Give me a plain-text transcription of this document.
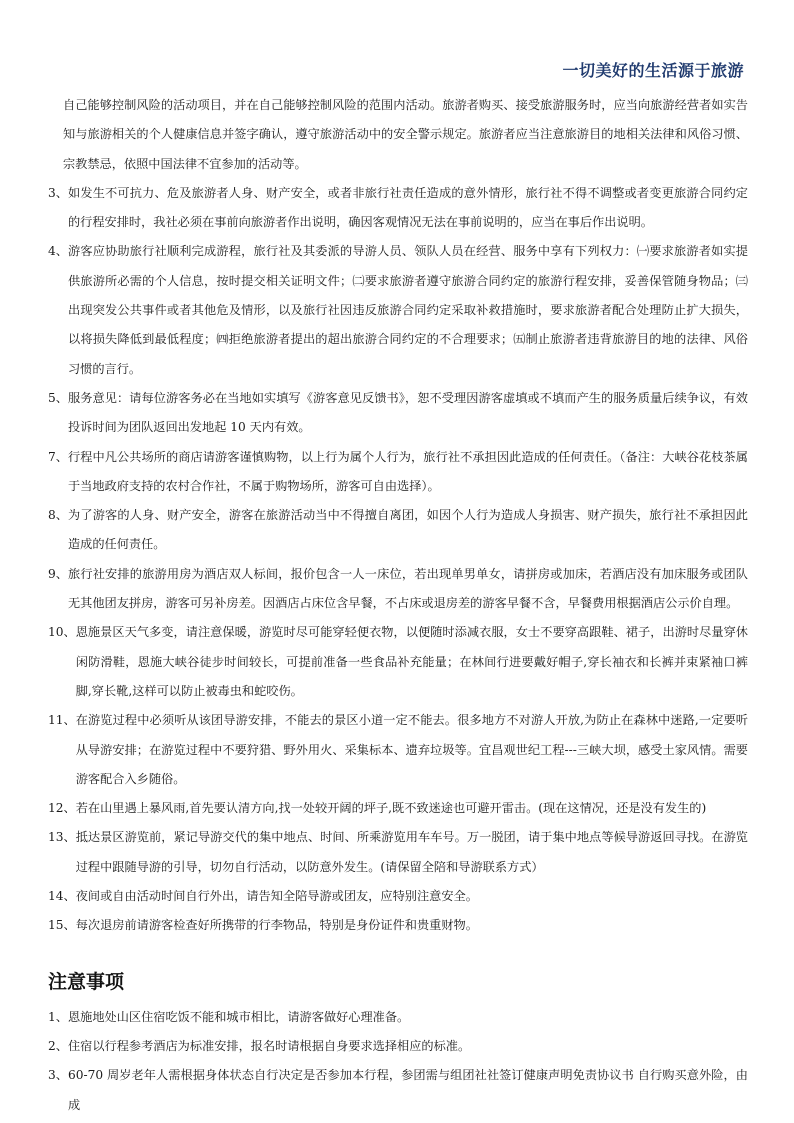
一切美好的生活源于旅游

自己能够控制风险的活动项目，并在自己能够控制风险的范围内活动。旅游者购买、接受旅游服务时，应当向旅游经营者如实告知与旅游相关的个人健康信息并签字确认，遵守旅游活动中的安全警示规定。旅游者应当注意旅游目的地相关法律和风俗习惯、宗教禁忌，依照中国法律不宜参加的活动等。

3、 如发生不可抗力、危及旅游者人身、财产安全，或者非旅行社责任造成的意外情形，旅行社不得不调整或者变更旅游合同约定的行程安排时，我社必须在事前向旅游者作出说明，确因客观情况无法在事前说明的，应当在事后作出说明。
4、 游客应协助旅行社顺利完成游程，旅行社及其委派的导游人员、领队人员在经营、服务中享有下列权力：㈠要求旅游者如实提供旅游所必需的个人信息，按时提交相关证明文件；㈡要求旅游者遵守旅游合同约定的旅游行程安排，妥善保管随身物品；㈢出现突发公共事件或者其他危及情形，以及旅行社因违反旅游合同约定采取补救措施时，要求旅游者配合处理防止扩大损失，以将损失降低到最低程度；㈣拒绝旅游者提出的超出旅游合同约定的不合理要求；㈤制止旅游者违背旅游目的地的法律、风俗习惯的言行。
5、 服务意见：请每位游客务必在当地如实填写《游客意见反馈书》，恕不受理因游客虚填或不填而产生的服务质量后续争议，有效投诉时间为团队返回出发地起 10 天内有效。
7、 行程中凡公共场所的商店请游客谨慎购物，以上行为属个人行为，旅行社不承担因此造成的任何责任。（备注：大峡谷花枝茶属于当地政府支持的农村合作社，不属于购物场所，游客可自由选择）。
8、 为了游客的人身、财产安全，游客在旅游活动当中不得擅自离团，如因个人行为造成人身损害、财产损失，旅行社不承担因此造成的任何责任。
9、 旅行社安排的旅游用房为酒店双人标间，报价包含一人一床位，若出现单男单女，请拼房或加床，若酒店没有加床服务或团队无其他团友拼房，游客可另补房差。因酒店占床位含早餐，不占床或退房差的游客早餐不含，早餐费用根据酒店公示价自理。
10、 恩施景区天气多变，请注意保暖，游览时尽可能穿轻便衣物，以便随时添减衣服，女士不要穿高跟鞋、裙子，出游时尽量穿休闲防滑鞋，恩施大峡谷徒步时间较长，可提前准备一些食品补充能量；在林间行进要戴好帽子,穿长袖衣和长裤并束紧袖口裤脚,穿长靴,这样可以防止被毒虫和蛇咬伤。
11、 在游览过程中必须听从该团导游安排，不能去的景区小道一定不能去。很多地方不对游人开放,为防止在森林中迷路,一定要听从导游安排；在游览过程中不要狩猎、野外用火、采集标本、遗弃垃圾等。宜昌观世纪工程---三峡大坝，感受土家风情。需要游客配合入乡随俗。
12、 若在山里遇上暴风雨,首先要认清方向,找一处较开阔的坪子,既不致迷途也可避开雷击。(现在这情况，还是没有发生的)
13、 抵达景区游览前，紧记导游交代的集中地点、时间、所乘游览用车车号。万一脱团，请于集中地点等候导游返回寻找。在游览过程中跟随导游的引导，切勿自行活动，以防意外发生。(请保留全陪和导游联系方式）
14、 夜间或自由活动时间自行外出，请告知全陪导游或团友，应特别注意安全。
15、 每次退房前请游客检查好所携带的行李物品，特别是身份证件和贵重财物。
注意事项
1、 恩施地处山区住宿吃饭不能和城市相比，请游客做好心理准备。
2、 住宿以行程参考酒店为标准安排，报名时请根据自身要求选择相应的标准。
3、 60-70 周岁老年人需根据身体状态自行决定是否参加本行程，参团需与组团社社签订健康声明免责协议书 自行购买意外险，由成
